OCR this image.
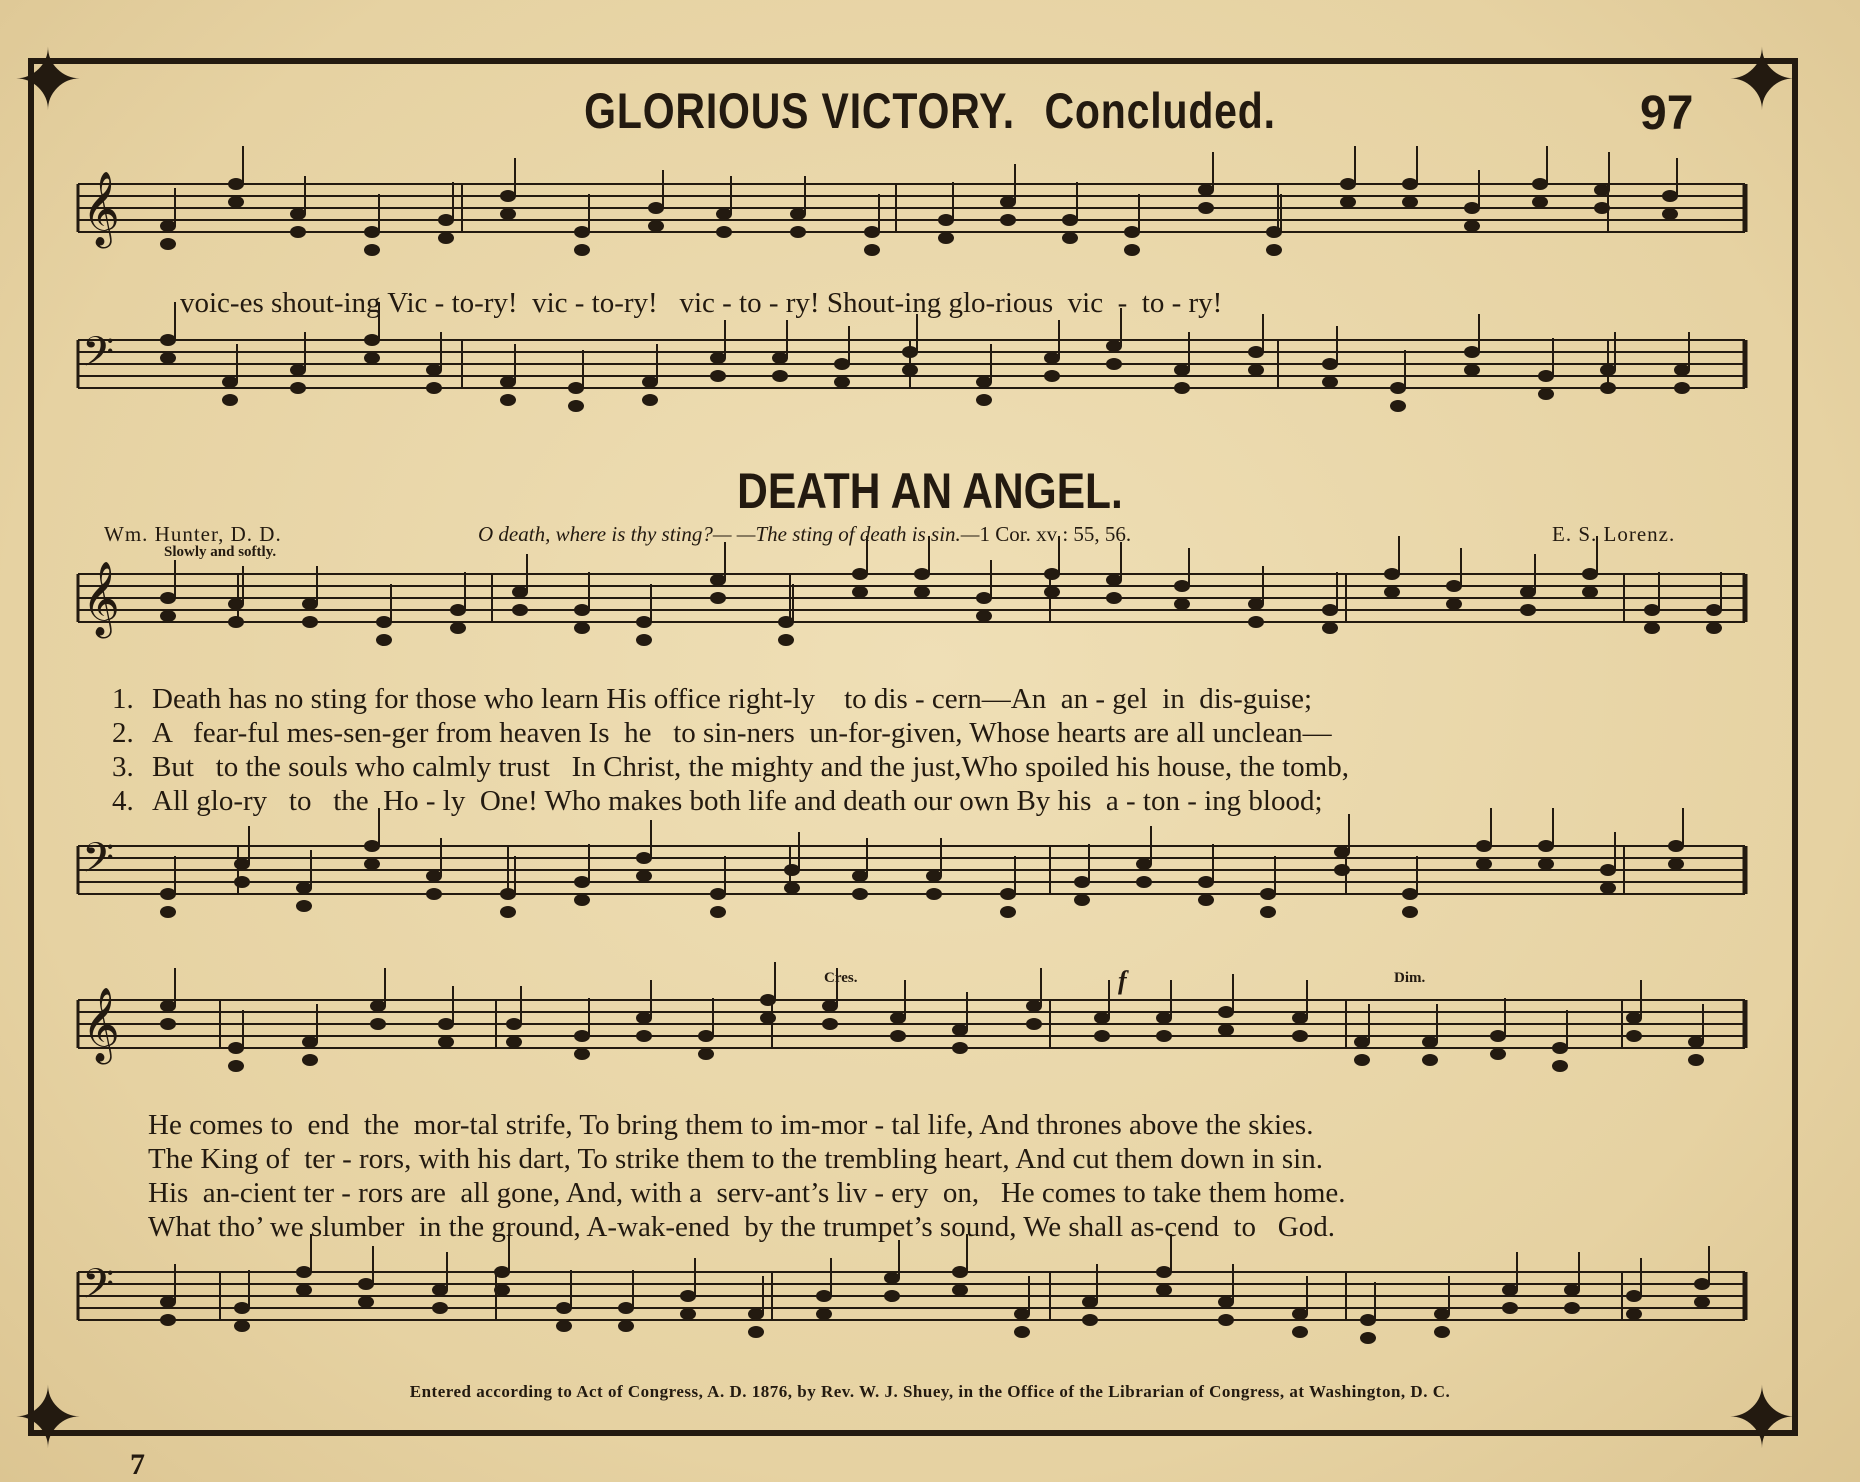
✦	✦
✦	✦
GLORIOUS VICTORY. Concluded.	97
𝄞
𝄢
𝄞
𝄢
𝄞
𝄢
voic-es shout-ing Vic - to-ry!  vic - to-ry!   vic - to - ry! Shout-ing glo-rious  vic  -  to - ry!
DEATH AN ANGEL.
Wm. Hunter, D. D.	O death, where is thy sting?— —The sting of death is sin.—1 Cor. xv : 55, 56.	E. S. Lorenz.
Slowly and softly.
1. Death has no sting for those who learn His office right-ly    to dis - cern—An  an - gel  in  dis-guise;
2. A   fear-ful mes-sen-ger from heaven Is  he   to sin-ners  un-for-given, Whose hearts are all unclean—
3. But   to the souls who calmly trust   In Christ, the mighty and the just,Who spoiled his house, the tomb,
4. All glo-ry   to   the  Ho - ly  One! Who makes both life and death our own By his  a - ton - ing blood;
Cres.	f	Dim.
He comes to  end  the  mor-tal strife, To bring them to im-mor - tal life, And thrones above the skies.
The King of  ter - rors, with his dart, To strike them to the trembling heart, And cut them down in sin.
His  an-cient ter - rors are  all gone, And, with a  serv-ant’s liv - ery  on,   He comes to take them home.
What tho’ we slumber  in the ground, A-wak-ened  by the trumpet’s sound, We shall as-cend  to   God.
Entered according to Act of Congress, A. D. 1876, by Rev. W. J. Shuey, in the Office of the Librarian of Congress, at Washington, D. C.
7
